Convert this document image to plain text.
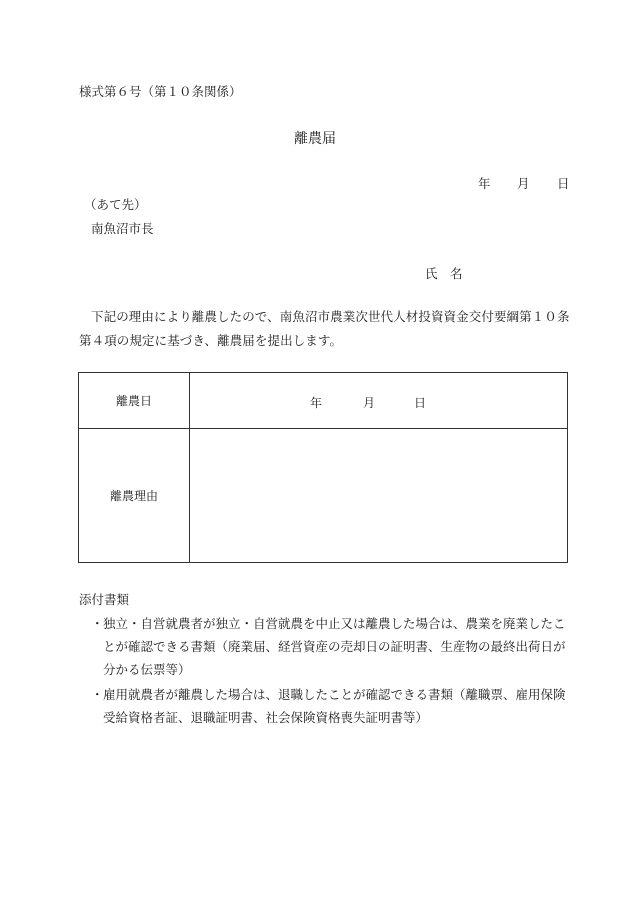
様式第６号（第１０条関係）
離農届
年 月 日
（あて先）
南魚沼市長
氏　名

下記の理由により離農したので、南魚沼市農業次世代人材投資資金交付要綱第１０条第４項の規定に基づき、離農届を提出します。

離農日	年 月 日

離農理由	
添付書類
・ 独立・自営就農者が独立・自営就農を中止又は離農した場合は、農業を廃業したことが確認できる書類（廃業届、経営資産の売却日の証明書、生産物の最終出荷日が分かる伝票等）
・ 雇用就農者が離農した場合は、退職したことが確認できる書類（離職票、雇用保険受給資格者証、退職証明書、社会保険資格喪失証明書等）
